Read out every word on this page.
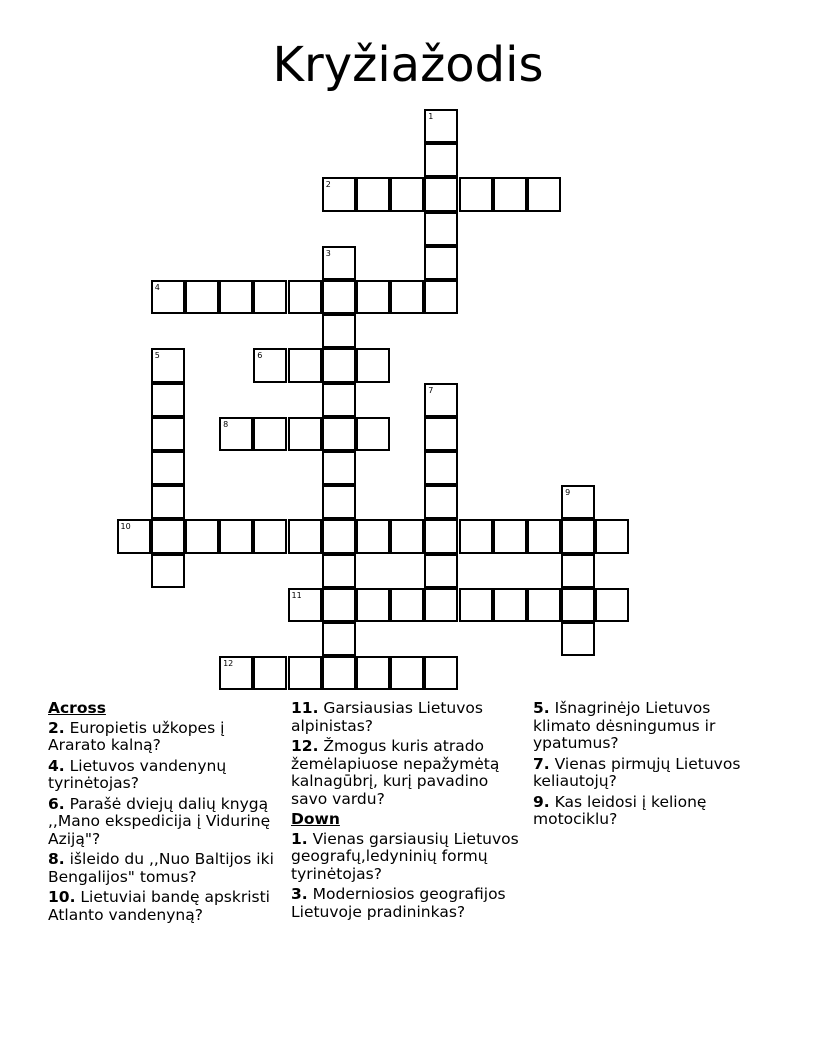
Kryžiažodis
1
2
3
4
5	6
7
8
9
10
11
12
Across
2. Europietis užkopes į Ararato kalną?
4. Lietuvos vandenynų tyrinėtojas?
6. Parašė dviejų dalių knygą ,,Mano ekspedicija į Vidurinę Aziją"?
8. išleido du ,,Nuo Baltijos iki Bengalijos" tomus?
10. Lietuviai bandę apskristi Atlanto vandenyną?
11. Garsiausias Lietuvos alpinistas?
12. Žmogus kuris atrado žemėlapiuose nepažymėtą kalnagūbrį, kurį pavadino savo vardu?
Down
1. Vienas garsiausių Lietuvos geografų,ledyninių formų tyrinėtojas?
3. Moderniosios geografijos Lietuvoje pradininkas?
5. Išnagrinėjo Lietuvos klimato dėsningumus ir ypatumus?
7. Vienas pirmųjų Lietuvos keliautojų?
9. Kas leidosi į kelionę motociklu?
